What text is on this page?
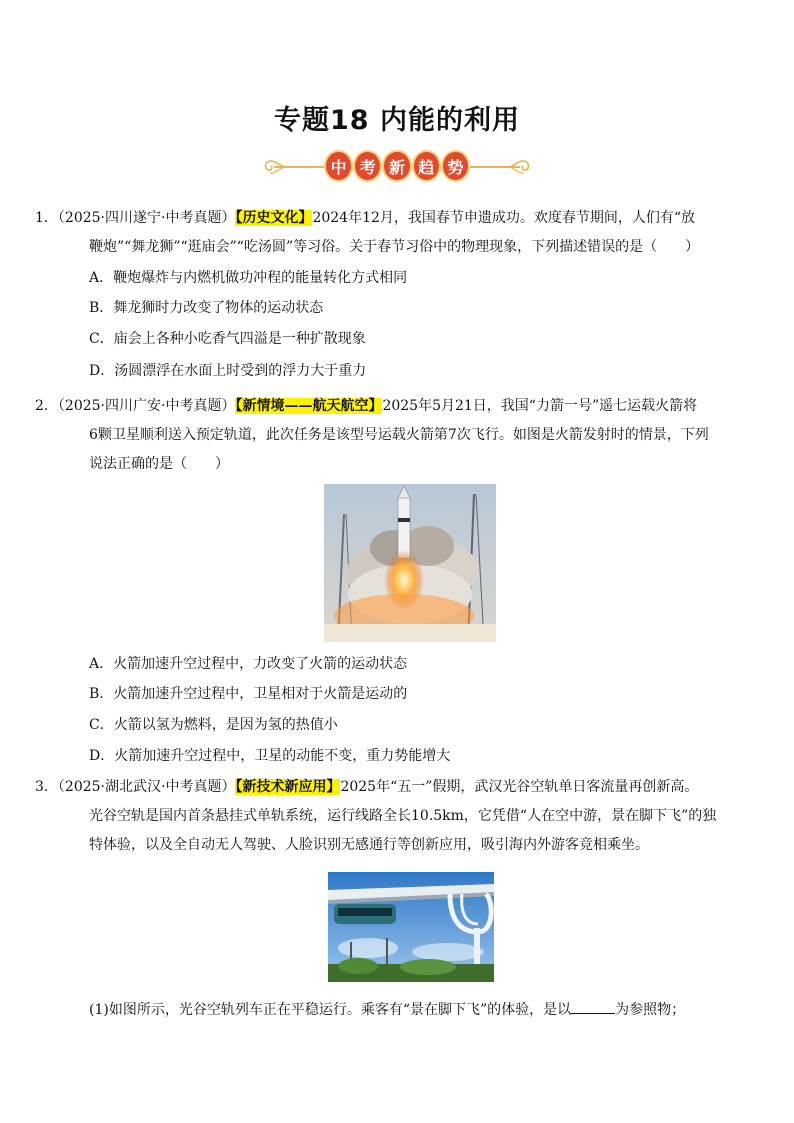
专题18 内能的利用
中 考 新 趋 势
1．（2025·四川遂宁·中考真题）【历史文化】2024年12月，我国春节申遗成功。欢度春节期间，人们有“放
鞭炮”“舞龙狮”“逛庙会”“吃汤圆”等习俗。关于春节习俗中的物理现象，下列描述错误的是（　　）
A．鞭炮爆炸与内燃机做功冲程的能量转化方式相同
B．舞龙狮时力改变了物体的运动状态
C．庙会上各种小吃香气四溢是一种扩散现象
D．汤圆漂浮在水面上时受到的浮力大于重力
2．（2025·四川广安·中考真题）【新情境——航天航空】2025年5月21日，我国“力箭一号”遥七运载火箭将
6颗卫星顺利送入预定轨道，此次任务是该型号运载火箭第7次飞行。如图是火箭发射时的情景，下列
说法正确的是（　　）
A．火箭加速升空过程中，力改变了火箭的运动状态
B．火箭加速升空过程中，卫星相对于火箭是运动的
C．火箭以氢为燃料，是因为氢的热值小
D．火箭加速升空过程中，卫星的动能不变，重力势能增大
3．（2025·湖北武汉·中考真题）【新技术新应用】2025年“五一”假期，武汉光谷空轨单日客流量再创新高。
光谷空轨是国内首条悬挂式单轨系统，运行线路全长10.5km，它凭借“人在空中游，景在脚下飞”的独
特体验，以及全自动无人驾驶、人脸识别无感通行等创新应用，吸引海内外游客竞相乘坐。
(1)如图所示，光谷空轨列车正在平稳运行。乘客有“景在脚下飞”的体验，是以	为参照物；
